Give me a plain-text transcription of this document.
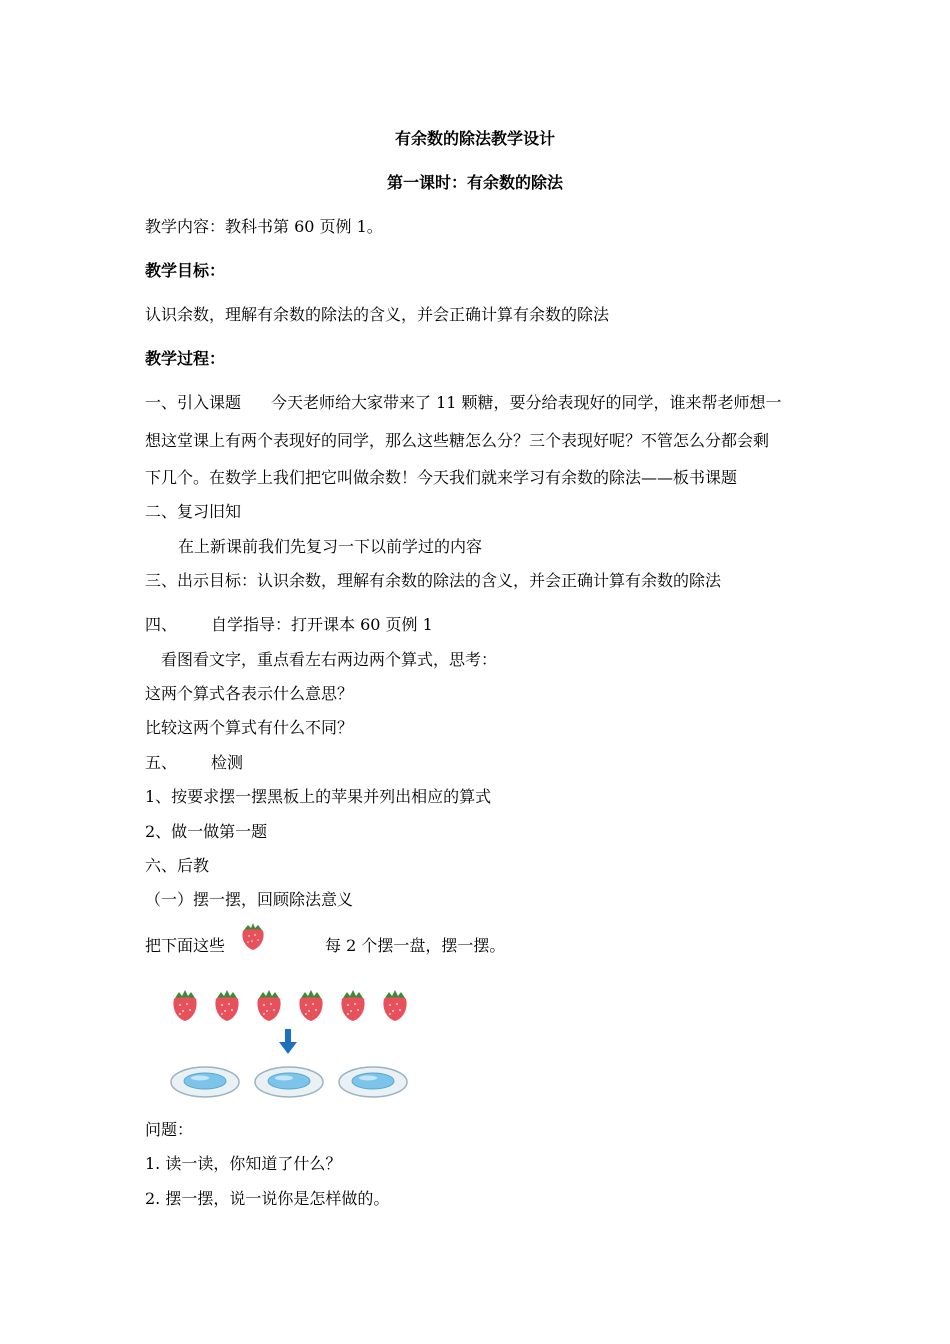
有余数的除法教学设计
第一课时：有余数的除法
教学内容：教科书第 60 页例 1。
教学目标：
认识余数，理解有余数的除法的含义，并会正确计算有余数的除法
教学过程：
一、引入课题 今天老师给大家带来了 11 颗糖，要分给表现好的同学，谁来帮老师想一
想这堂课上有两个表现好的同学，那么这些糖怎么分？三个表现好呢？不管怎么分都会剩
下几个。在数学上我们把它叫做余数！今天我们就来学习有余数的除法——板书课题
二、复习旧知
在上新课前我们先复习一下以前学过的内容
三、出示目标：认识余数，理解有余数的除法的含义，并会正确计算有余数的除法
四、 自学指导：打开课本 60 页例 1
看图看文字，重点看左右两边两个算式，思考：
这两个算式各表示什么意思？
比较这两个算式有什么不同？
五、 检测
1、按要求摆一摆黑板上的苹果并列出相应的算式
2、做一做第一题
六、后教
（一）摆一摆，回顾除法意义
把下面这些	每 2 个摆一盘，摆一摆。
问题：
1. 读一读，你知道了什么？
2. 摆一摆，说一说你是怎样做的。
